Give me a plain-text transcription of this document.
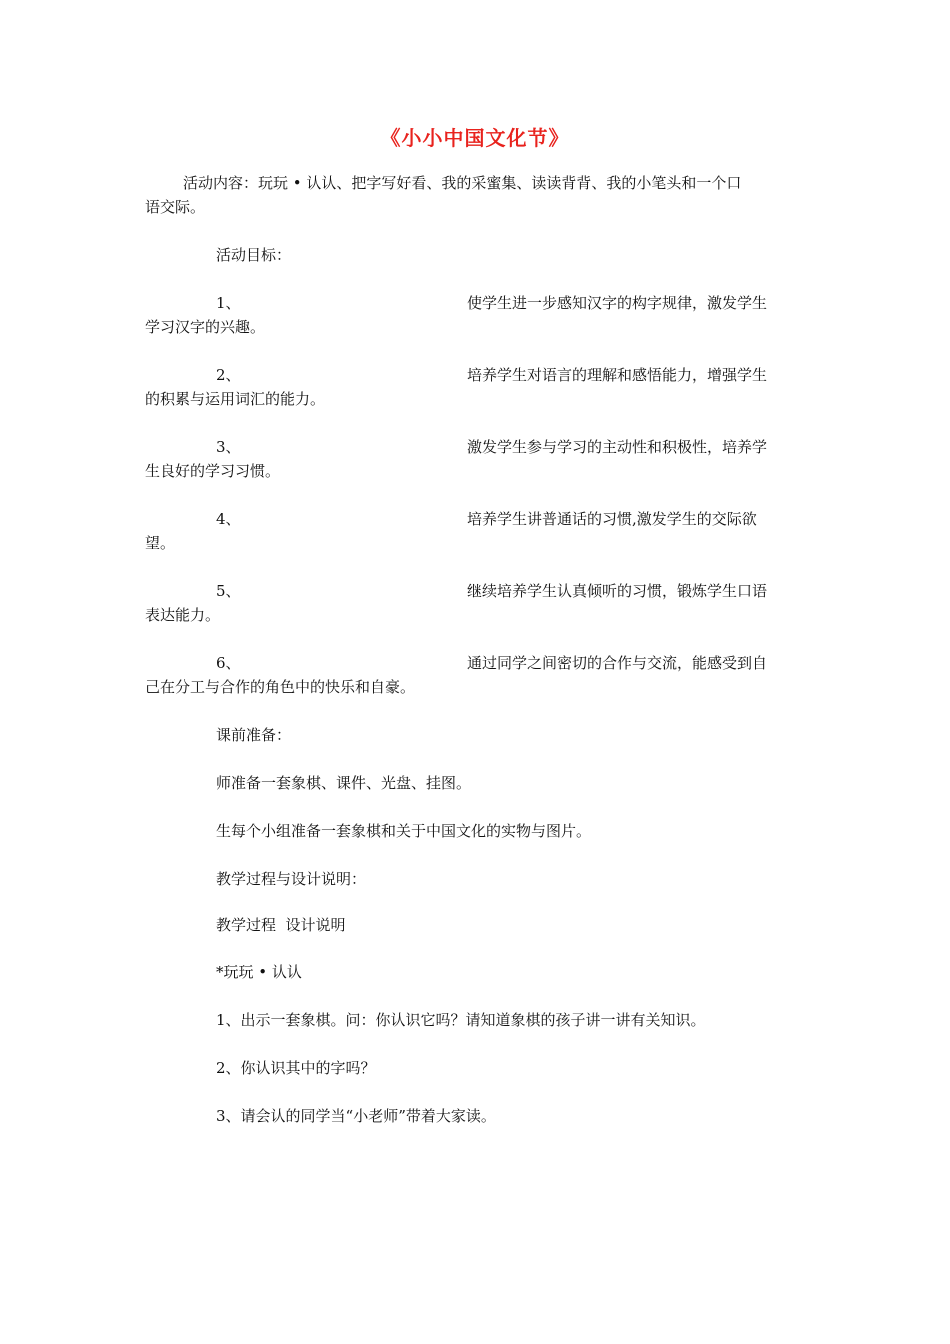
《小小中国文化节》
活动内容：玩玩 • 认认、把字写好看、我的采蜜集、读读背背、我的小笔头和一个口
语交际。
活动目标：
1、	使学生进一步感知汉字的构字规律，激发学生
学习汉字的兴趣。
2、	培养学生对语言的理解和感悟能力，增强学生
的积累与运用词汇的能力。
3、	激发学生参与学习的主动性和积极性，培养学
生良好的学习习惯。
4、	培养学生讲普通话的习惯,激发学生的交际欲
望。
5、	继续培养学生认真倾听的习惯，锻炼学生口语
表达能力。
6、	通过同学之间密切的合作与交流，能感受到自
己在分工与合作的角色中的快乐和自豪。
课前准备：
师准备一套象棋、课件、光盘、挂图。
生每个小组准备一套象棋和关于中国文化的实物与图片。
教学过程与设计说明：
教学过程  设计说明
*玩玩 • 认认
1、出示一套象棋。问：你认识它吗？请知道象棋的孩子讲一讲有关知识。
2、你认识其中的字吗？
3、请会认的同学当“小老师”带着大家读。
